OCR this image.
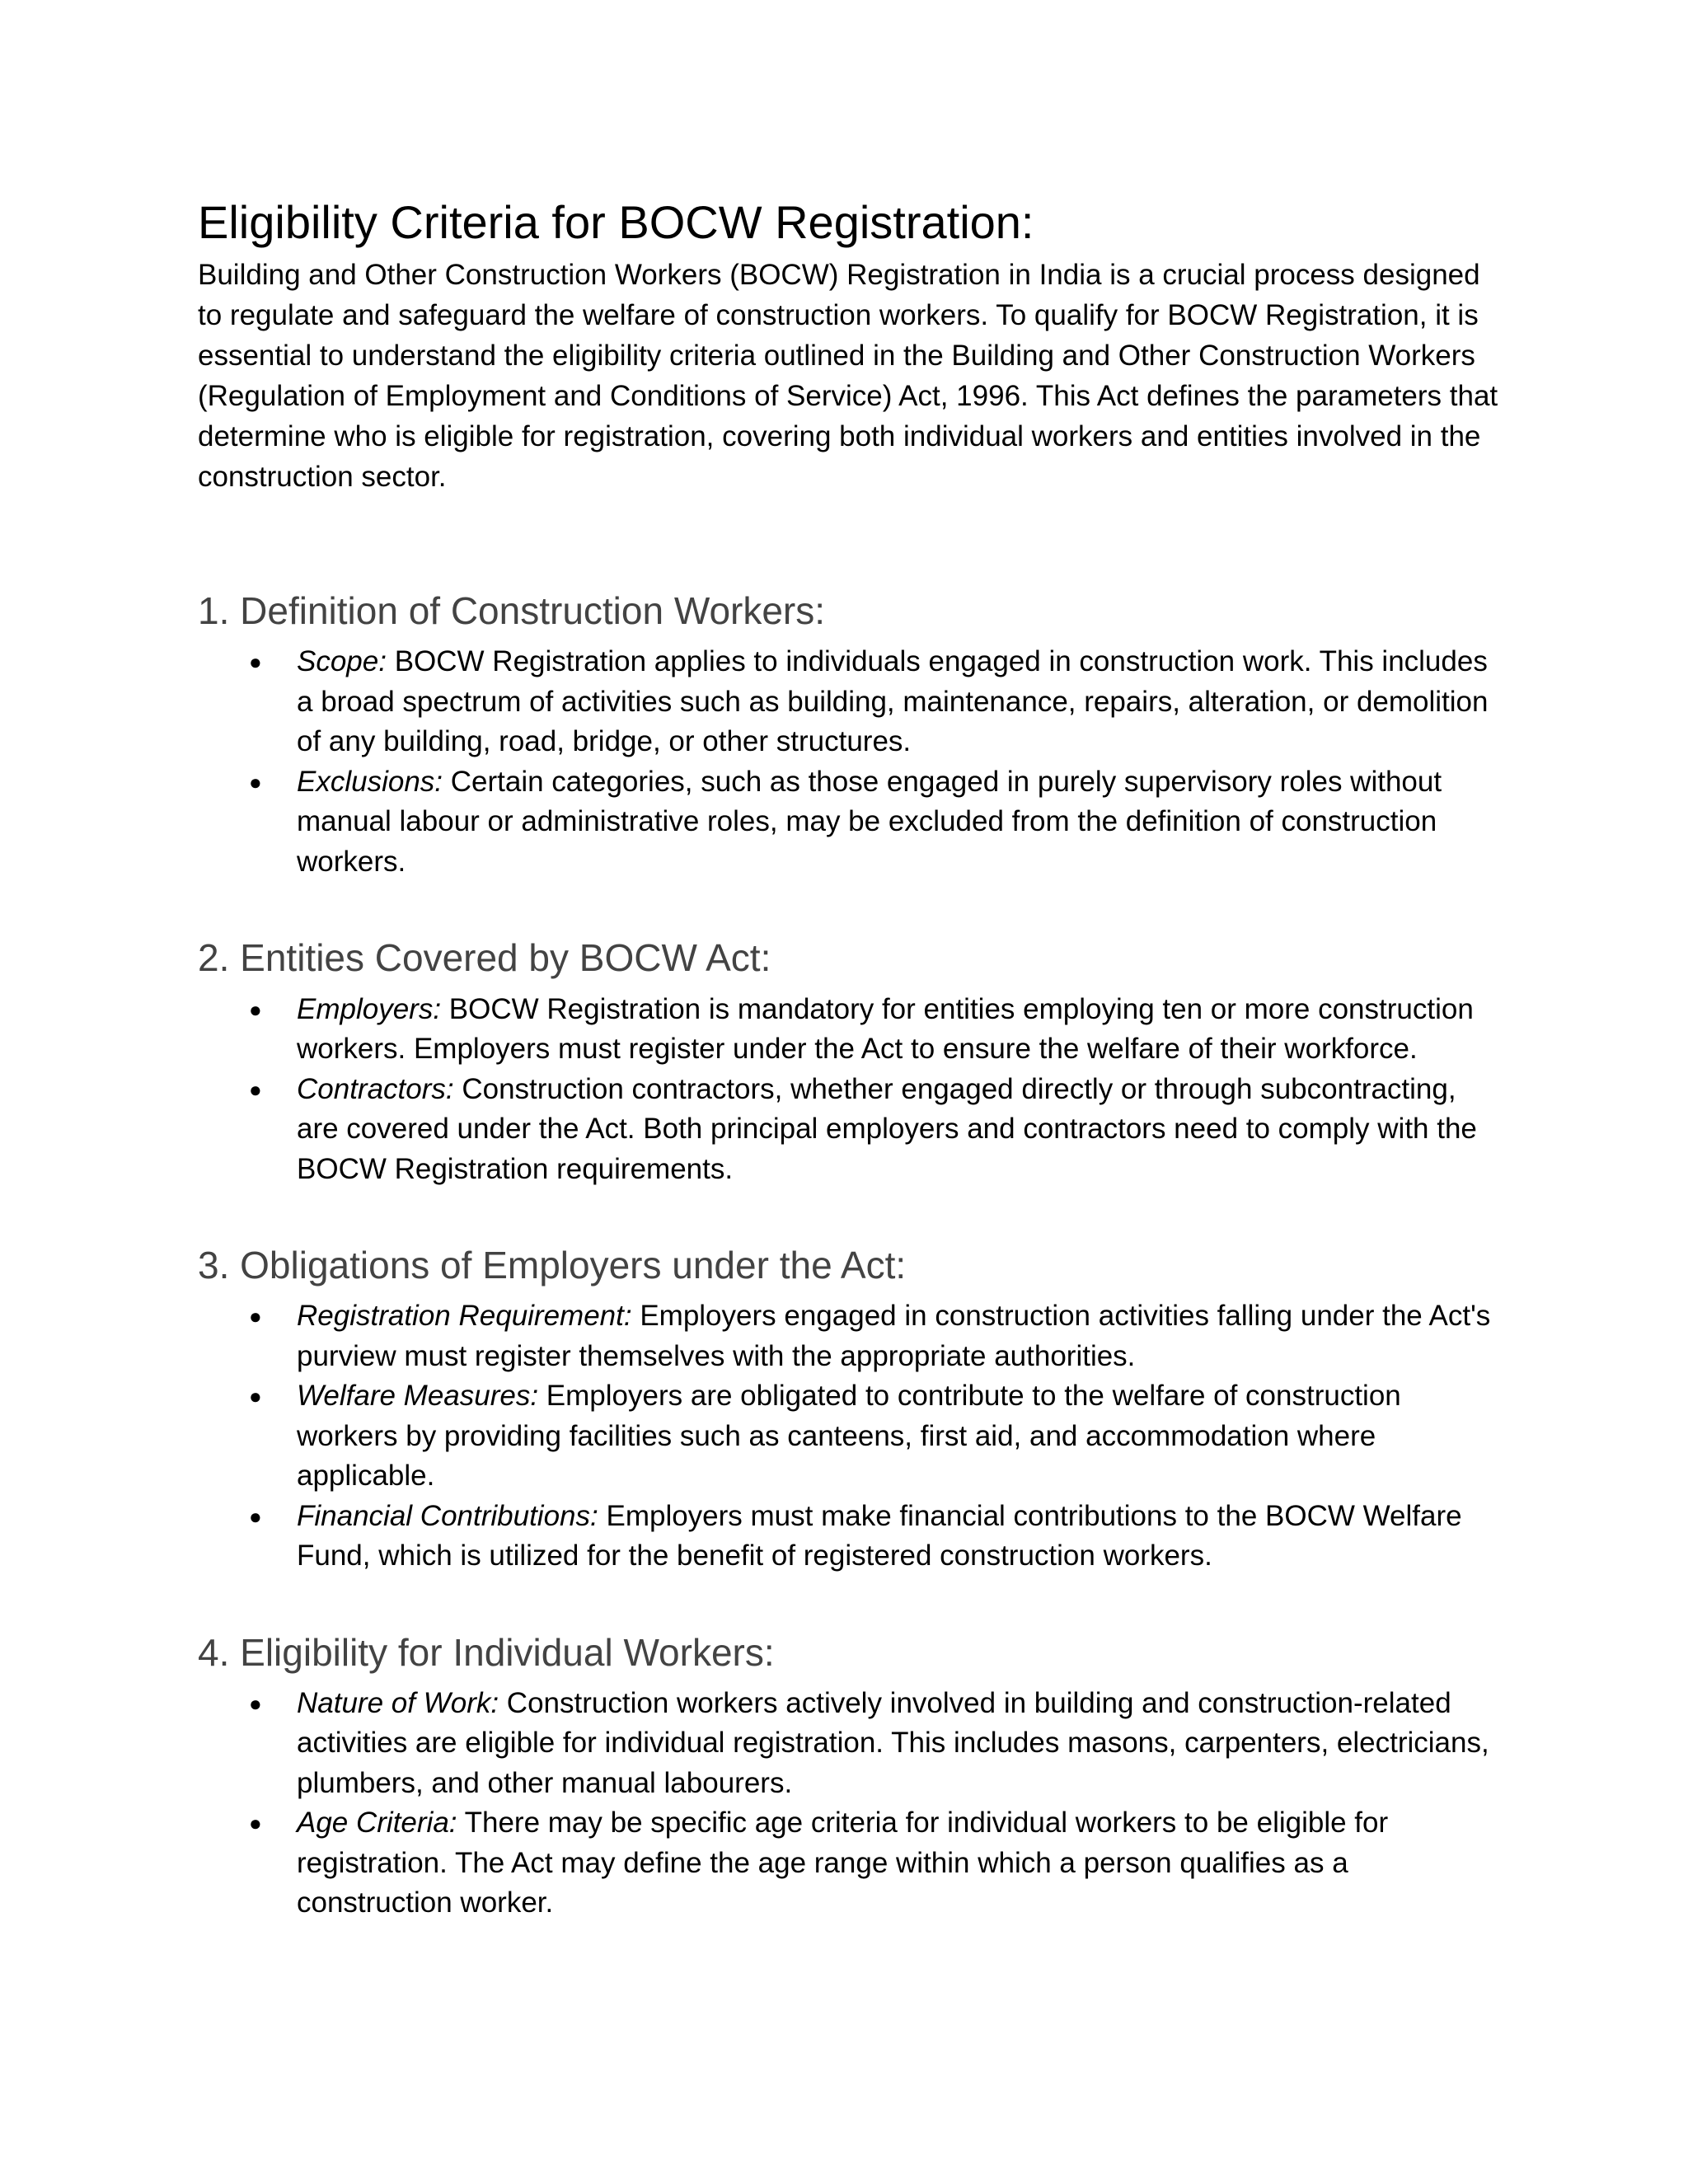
Eligibility Criteria for BOCW Registration:

Building and Other Construction Workers (BOCW) Registration in India is a crucial process designed to regulate and safeguard the welfare of construction workers. To qualify for BOCW Registration, it is essential to understand the eligibility criteria outlined in the Building and Other Construction Workers (Regulation of Employment and Conditions of Service) Act, 1996. This Act defines the parameters that determine who is eligible for registration, covering both individual workers and entities involved in the construction sector.

1. Definition of Construction Workers:
● Scope: BOCW Registration applies to individuals engaged in construction work. This includes a broad spectrum of activities such as building, maintenance, repairs, alteration, or demolition of any building, road, bridge, or other structures.
● Exclusions: Certain categories, such as those engaged in purely supervisory roles without manual labour or administrative roles, may be excluded from the definition of construction workers.
2. Entities Covered by BOCW Act:
● Employers: BOCW Registration is mandatory for entities employing ten or more construction workers. Employers must register under the Act to ensure the welfare of their workforce.
● Contractors: Construction contractors, whether engaged directly or through subcontracting, are covered under the Act. Both principal employers and contractors need to comply with the BOCW Registration requirements.
3. Obligations of Employers under the Act:
● Registration Requirement: Employers engaged in construction activities falling under the Act's purview must register themselves with the appropriate authorities.
● Welfare Measures: Employers are obligated to contribute to the welfare of construction workers by providing facilities such as canteens, first aid, and accommodation where applicable.
● Financial Contributions: Employers must make financial contributions to the BOCW Welfare Fund, which is utilized for the benefit of registered construction workers.
4. Eligibility for Individual Workers:
● Nature of Work: Construction workers actively involved in building and construction-related activities are eligible for individual registration. This includes masons, carpenters, electricians, plumbers, and other manual labourers.
● Age Criteria: There may be specific age criteria for individual workers to be eligible for registration. The Act may define the age range within which a person qualifies as a construction worker.
